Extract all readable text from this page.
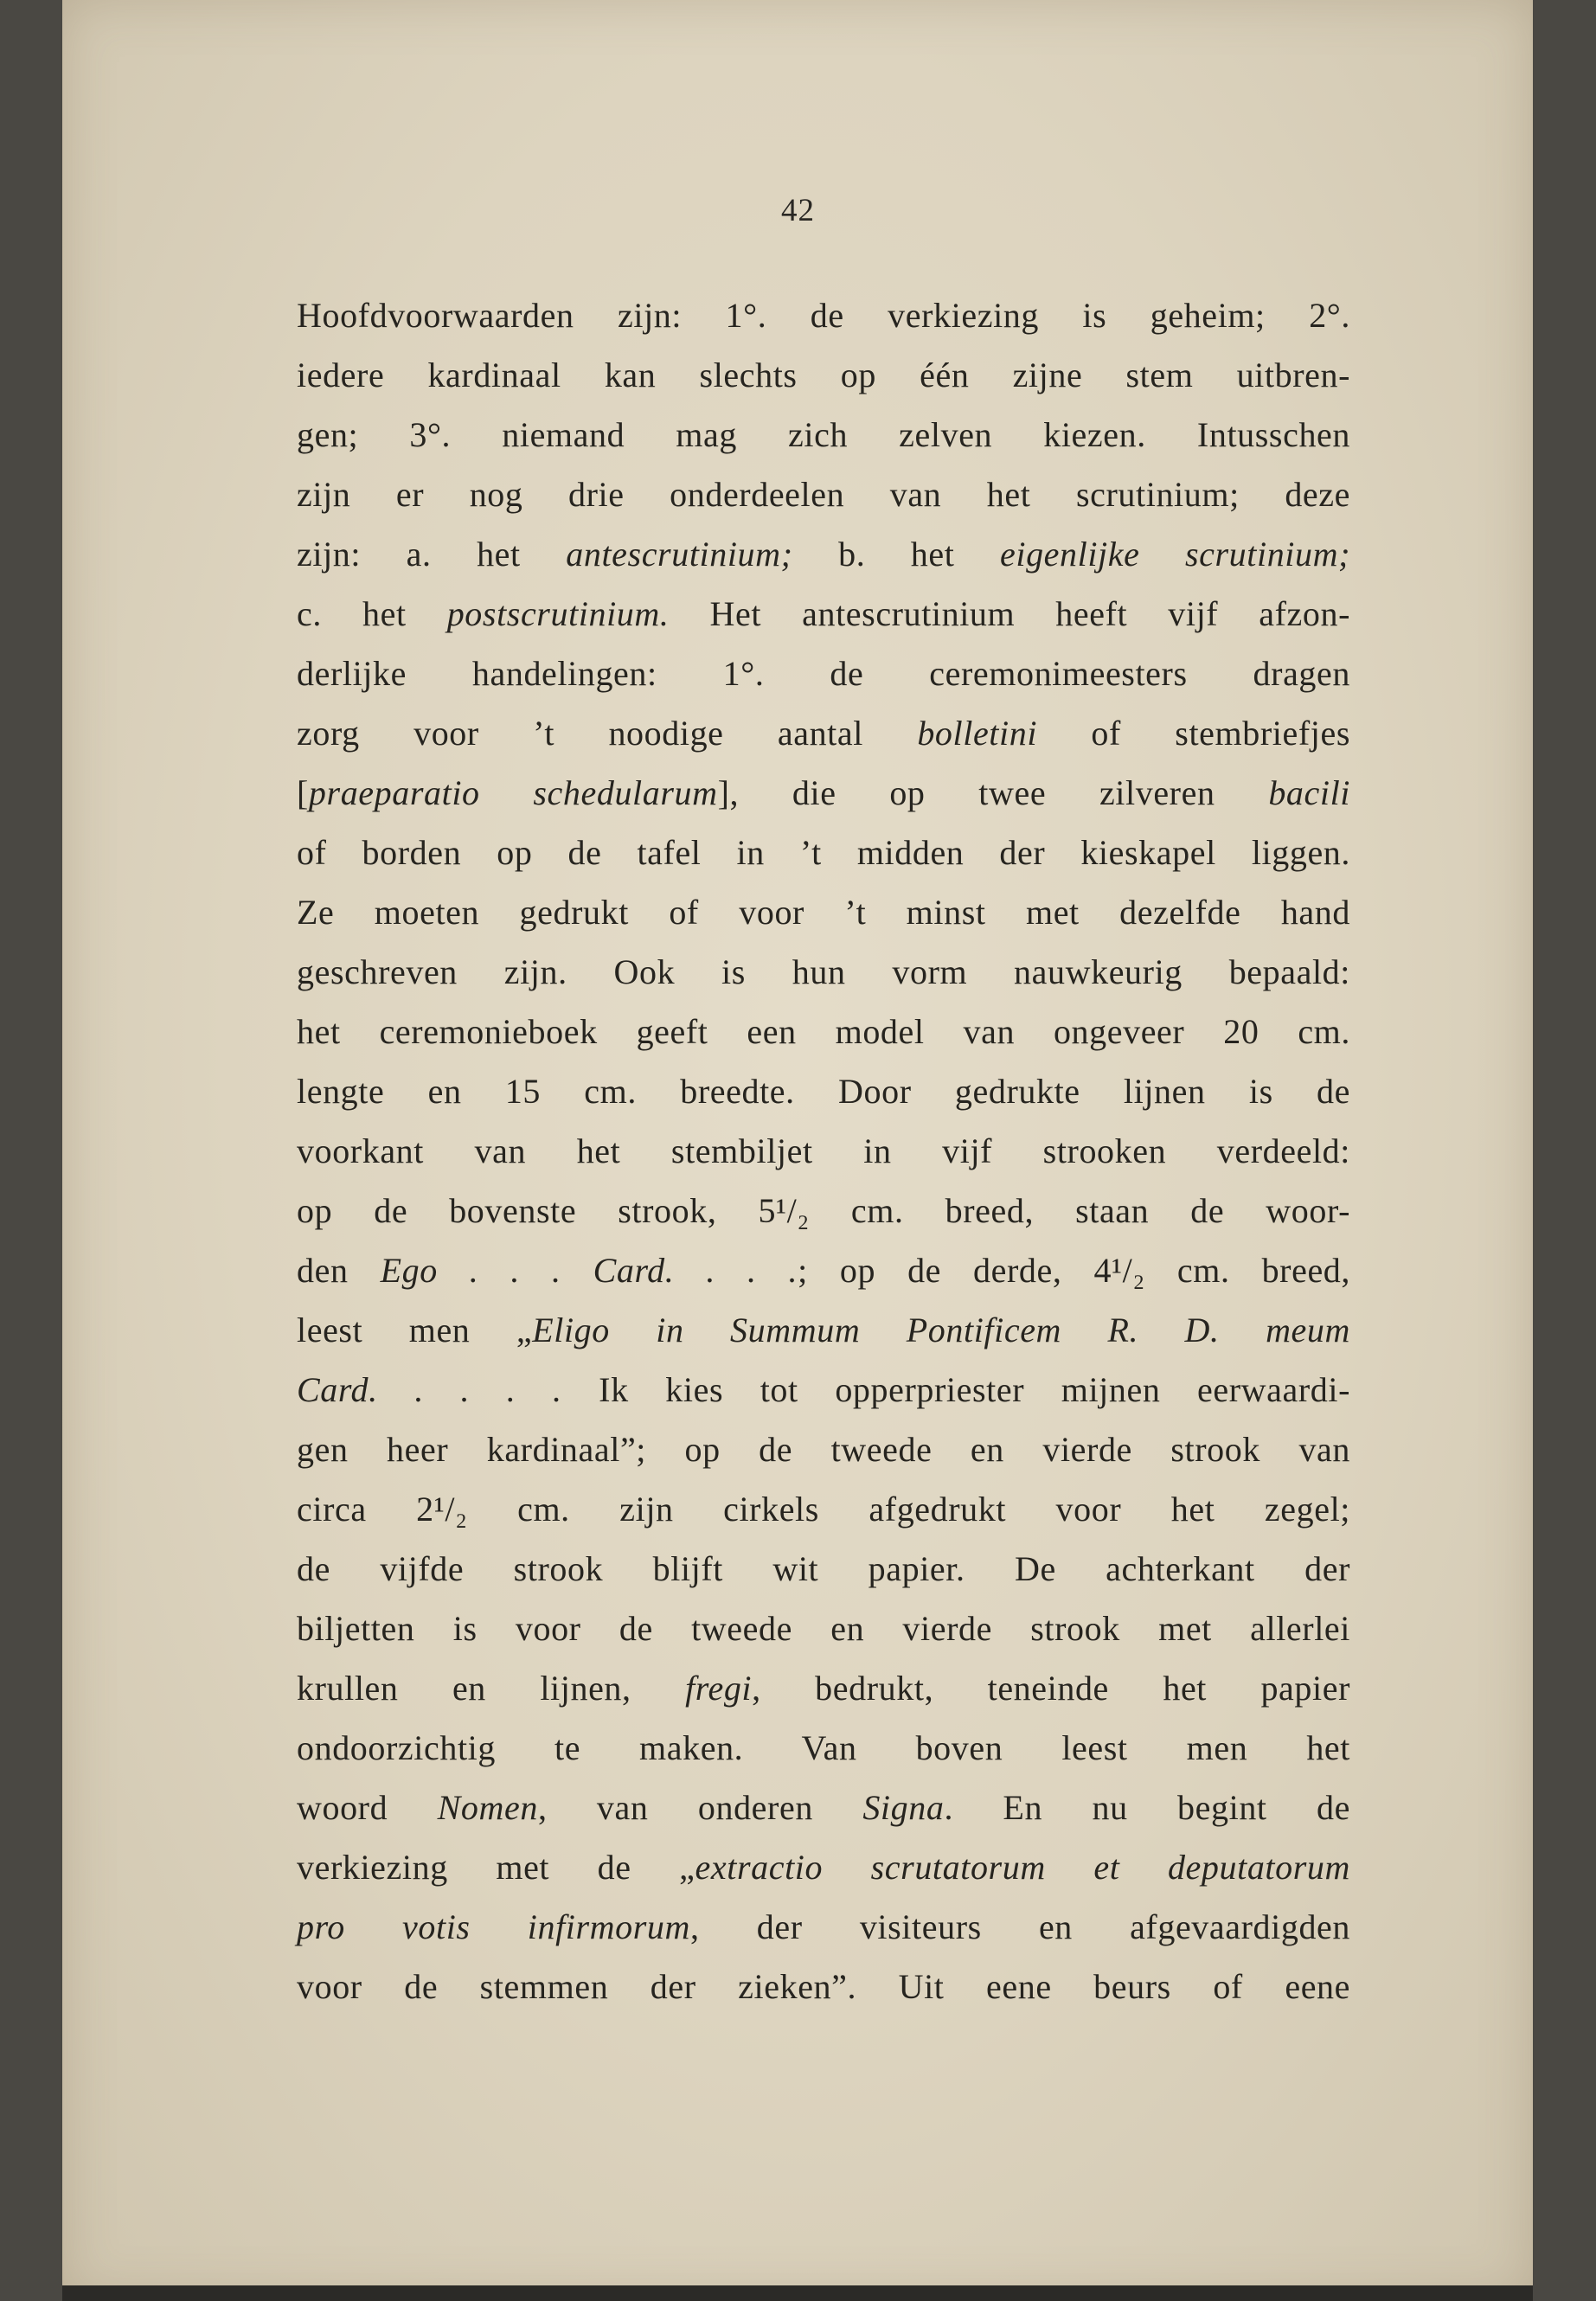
42
Hoofdvoorwaarden zijn: 1°. de verkiezing is geheim; 2°.
iedere kardinaal kan slechts op één zijne stem uitbren-
gen; 3°. niemand mag zich zelven kiezen. Intusschen
zijn er nog drie onderdeelen van het scrutinium; deze
zijn: a. het antescrutinium; b. het eigenlijke scrutinium;
c. het postscrutinium. Het antescrutinium heeft vijf afzon-
derlijke handelingen: 1°. de ceremonimeesters dragen
zorg voor ’t noodige aantal bolletini of stembriefjes
[praeparatio schedularum], die op twee zilveren bacili
of borden op de tafel in ’t midden der kieskapel liggen.
Ze moeten gedrukt of voor ’t minst met dezelfde hand
geschreven zijn. Ook is hun vorm nauwkeurig bepaald:
het ceremonieboek geeft een model van ongeveer 20 cm.
lengte en 15 cm. breedte. Door gedrukte lijnen is de
voorkant van het stembiljet in vijf strooken verdeeld:
op de bovenste strook, 5¹/₂ cm. breed, staan de woor-
den Ego . . . Card. . . .; op de derde, 4¹/₂ cm. breed,
leest men „Eligo in Summum Pontificem R. D. meum
Card. . . . . Ik kies tot opperpriester mijnen eerwaardi-
gen heer kardinaal”; op de tweede en vierde strook van
circa 2¹/₂ cm. zijn cirkels afgedrukt voor het zegel;
de vijfde strook blijft wit papier. De achterkant der
biljetten is voor de tweede en vierde strook met allerlei
krullen en lijnen, fregi, bedrukt, teneinde het papier
ondoorzichtig te maken. Van boven leest men het
woord Nomen, van onderen Signa. En nu begint de
verkiezing met de „extractio scrutatorum et deputatorum
pro votis infirmorum, der visiteurs en afgevaardigden
voor de stemmen der zieken”. Uit eene beurs of eene
